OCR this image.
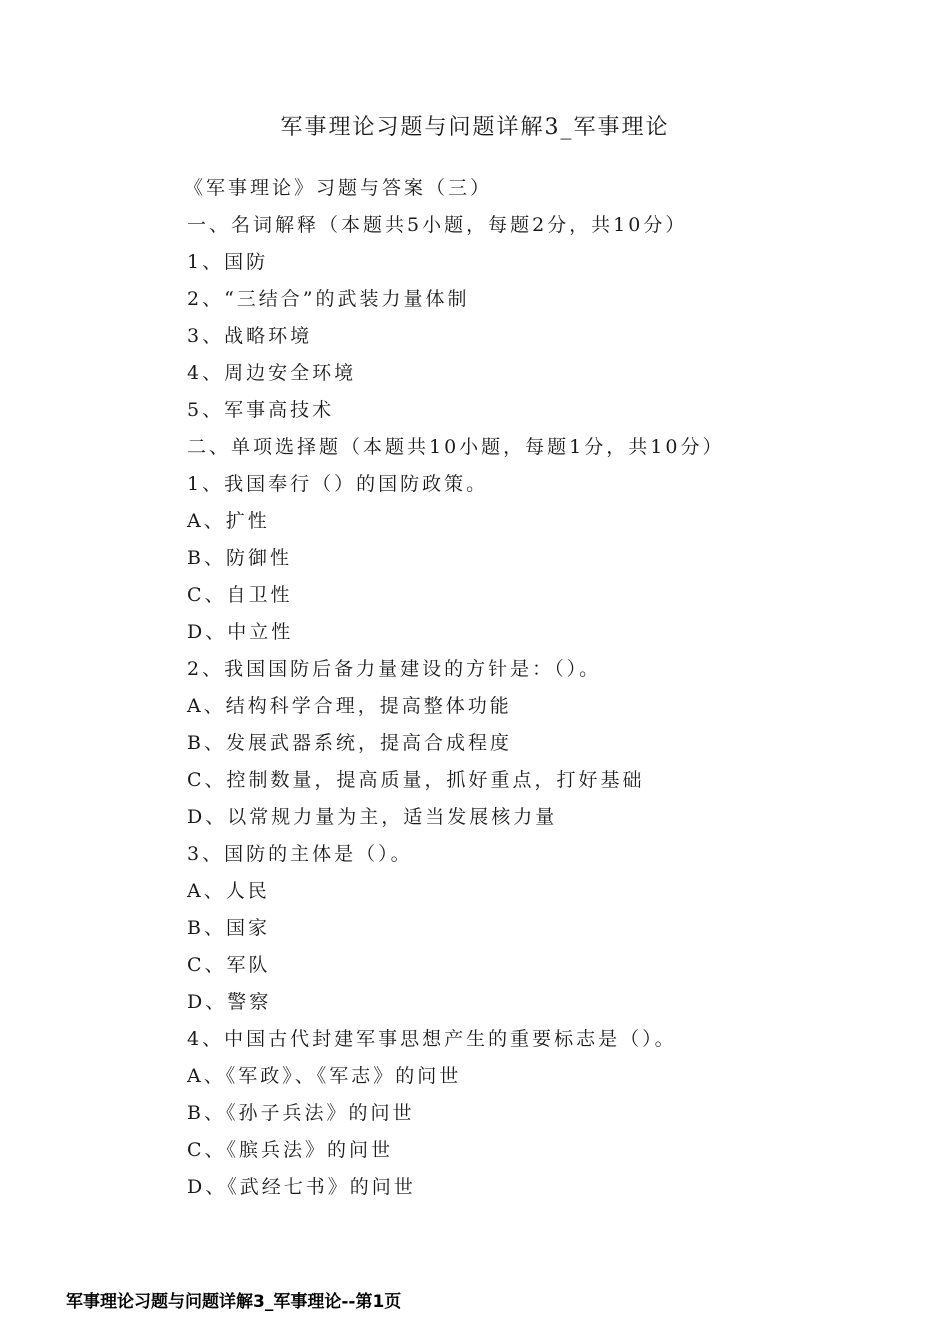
军事理论习题与问题详解3_军事理论
《军事理论》习题与答案（三）
一、名词解释（本题共5小题，每题2分，共10分）
1、国防
2、“三结合”的武装力量体制
3、战略环境
4、周边安全环境
5、军事高技术
二、单项选择题（本题共10小题，每题1分，共10分）
1、我国奉行（）的国防政策。
A、扩性
B、防御性
C、自卫性
D、中立性
2、我国国防后备力量建设的方针是：（）。
A、结构科学合理，提高整体功能
B、发展武器系统，提高合成程度
C、控制数量，提高质量，抓好重点，打好基础
D、以常规力量为主，适当发展核力量
3、国防的主体是（）。
A、人民
B、国家
C、军队
D、警察
4、中国古代封建军事思想产生的重要标志是（）。
A、《军政》、《军志》的问世
B、《孙子兵法》的问世
C、《膑兵法》的问世
D、《武经七书》的问世
军事理论习题与问题详解3_军事理论--第1页
